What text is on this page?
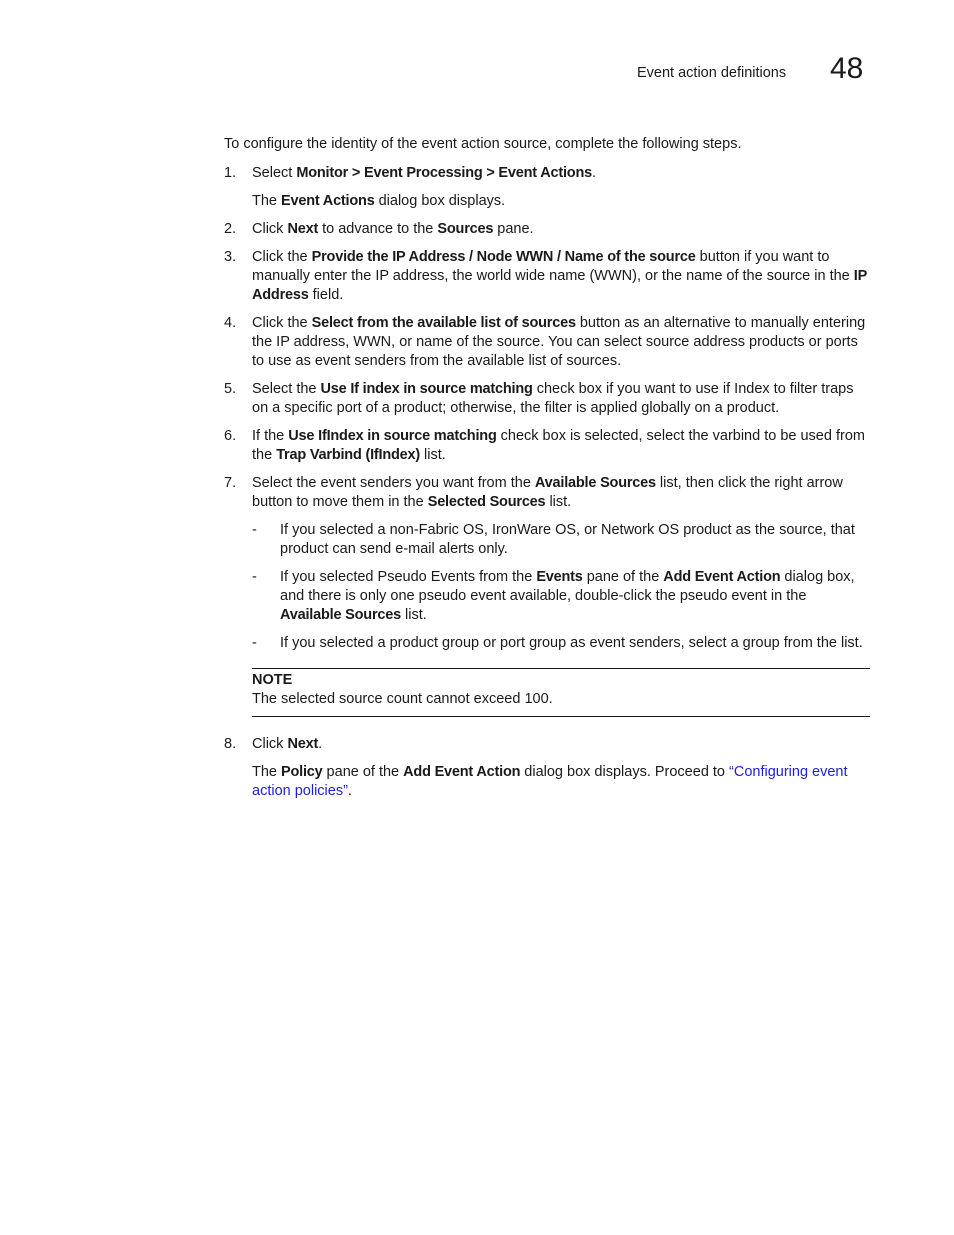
Event action definitions 48

To configure the identity of the event action source, complete the following steps.

1. Select Monitor > Event Processing > Event Actions.

The Event Actions dialog box displays.

2. Click Next to advance to the Sources pane.
3. Click the Provide the IP Address / Node WWN / Name of the source button if you want to manually enter the IP address, the world wide name (WWN), or the name of the source in the IP Address field.
4. Click the Select from the available list of sources button as an alternative to manually entering the IP address, WWN, or name of the source. You can select source address products or ports to use as event senders from the available list of sources.
5. Select the Use If index in source matching check box if you want to use if Index to filter traps on a specific port of a product; otherwise, the filter is applied globally on a product.
6. If the Use IfIndex in source matching check box is selected, select the varbind to be used from the Trap Varbind (IfIndex) list.
7. Select the event senders you want from the Available Sources list, then click the right arrow button to move them in the Selected Sources list.
- If you selected a non-Fabric OS, IronWare OS, or Network OS product as the source, that product can send e-mail alerts only.
- If you selected Pseudo Events from the Events pane of the Add Event Action dialog box, and there is only one pseudo event available, double-click the pseudo event in the Available Sources list.
- If you selected a product group or port group as event senders, select a group from the list.
NOTE
The selected source count cannot exceed 100.
8. Click Next.

The Policy pane of the Add Event Action dialog box displays. Proceed to “Configuring event action policies”.
